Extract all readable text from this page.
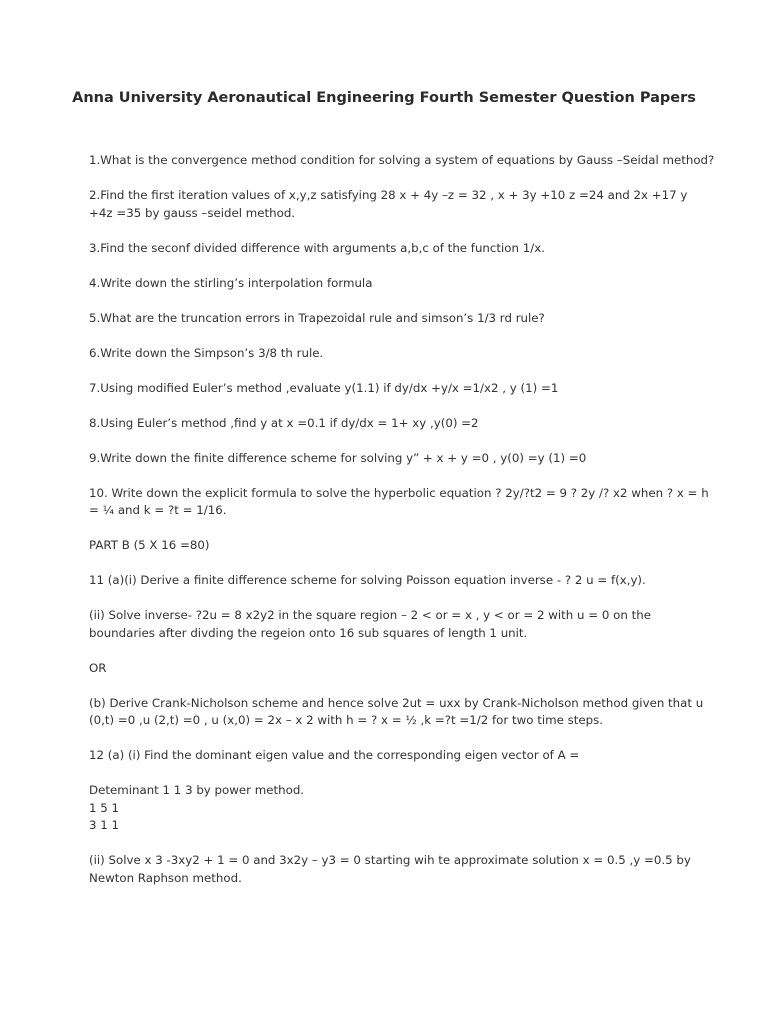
Anna University Aeronautical Engineering Fourth Semester Question Papers
1.What is the convergence method condition for solving a system of equations by Gauss –Seidal method?
2.Find the first iteration values of x,y,z satisfying 28 x + 4y –z = 32 , x + 3y +10 z =24 and 2x +17 y
+4z =35 by gauss –seidel method.
3.Find the seconf divided difference with arguments a,b,c of the function 1/x.
4.Write down the stirling’s interpolation formula
5.What are the truncation errors in Trapezoidal rule and simson’s 1/3 rd rule?
6.Write down the Simpson’s 3/8 th rule.
7.Using modified Euler’s method ,evaluate y(1.1) if dy/dx +y/x =1/x2 , y (1) =1
8.Using Euler’s method ,find y at x =0.1 if dy/dx = 1+ xy ,y(0) =2
9.Write down the finite difference scheme for solving y” + x + y =0 , y(0) =y (1) =0
10. Write down the explicit formula to solve the hyperbolic equation ? 2y/?t2 = 9 ? 2y /? x2 when ? x = h
= ¼ and k = ?t = 1/16.
PART B (5 X 16 =80)
11 (a)(i) Derive a finite difference scheme for solving Poisson equation inverse - ? 2 u = f(x,y).
(ii) Solve inverse- ?2u = 8 x2y2 in the square region – 2 < or = x , y < or = 2 with u = 0 on the
boundaries after divding the regeion onto 16 sub squares of length 1 unit.
OR
(b) Derive Crank-Nicholson scheme and hence solve 2ut = uxx by Crank-Nicholson method given that u
(0,t) =0 ,u (2,t) =0 , u (x,0) = 2x – x 2 with h = ? x = ½ ,k =?t =1/2 for two time steps.
12 (a) (i) Find the dominant eigen value and the corresponding eigen vector of A =
Deteminant 1 1 3 by power method.
1 5 1
3 1 1
(ii) Solve x 3 -3xy2 + 1 = 0 and 3x2y – y3 = 0 starting wih te approximate solution x = 0.5 ,y =0.5 by
Newton Raphson method.
